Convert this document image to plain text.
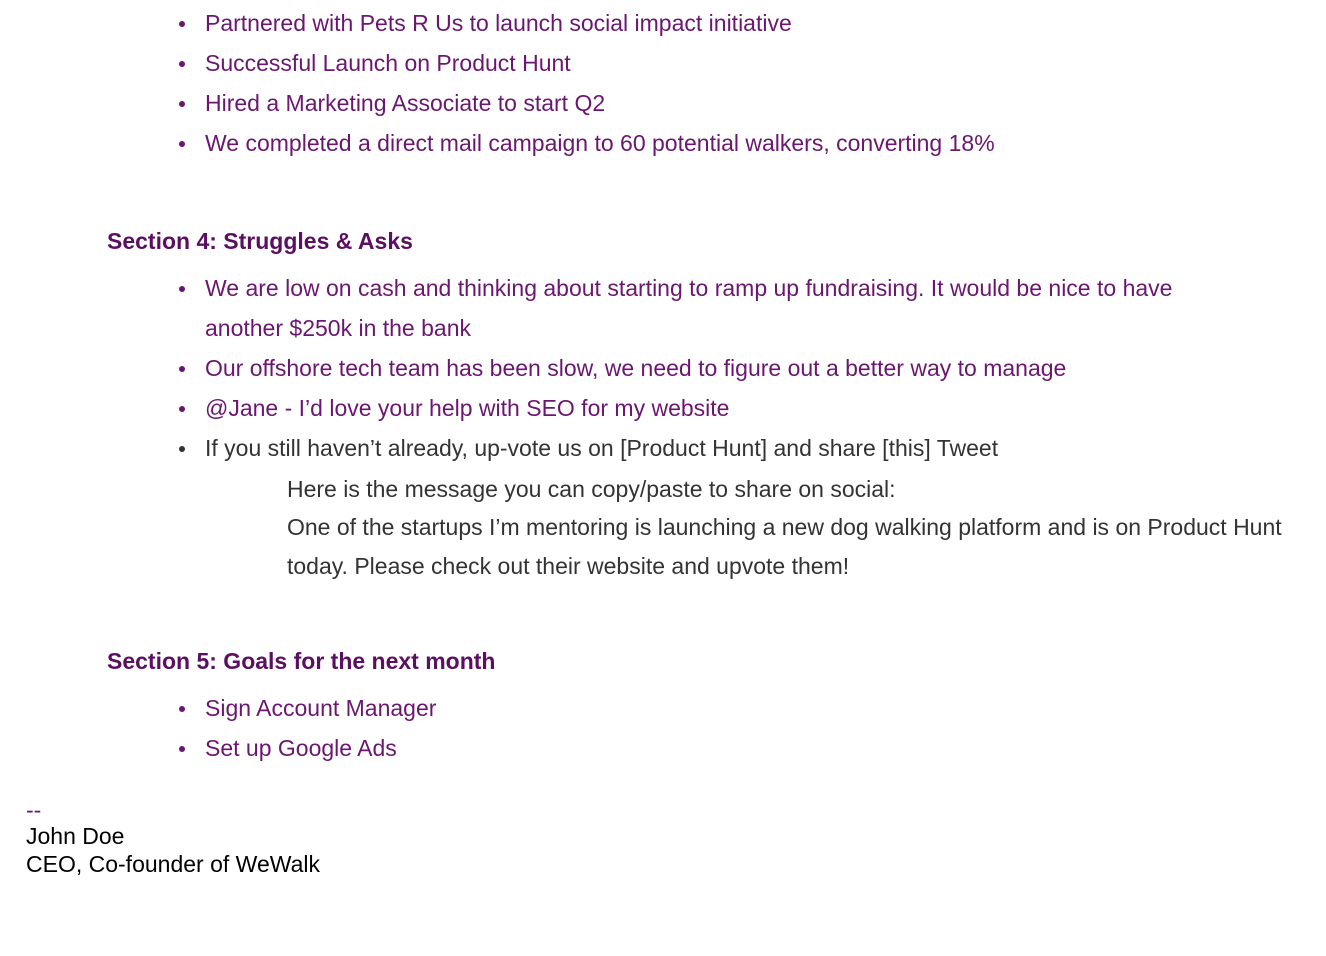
Partnered with Pets R Us to launch social impact initiative
Successful Launch on Product Hunt
Hired a Marketing Associate to start Q2
We completed a direct mail campaign to 60 potential walkers, converting 18%
Section 4: Struggles & Asks
We are low on cash and thinking about starting to ramp up fundraising. It would be nice to have another $250k in the bank
Our offshore tech team has been slow, we need to figure out a better way to manage
@Jane - I’d love your help with SEO for my website
If you still haven’t already, up-vote us on [Product Hunt] and share [this] Tweet
Here is the message you can copy/paste to share on social:
One of the startups I’m mentoring is launching a new dog walking platform and is on Product Hunt today. Please check out their website and upvote them!
Section 5: Goals for the next month
Sign Account Manager
Set up Google Ads
--
John Doe
CEO, Co-founder of WeWalk
